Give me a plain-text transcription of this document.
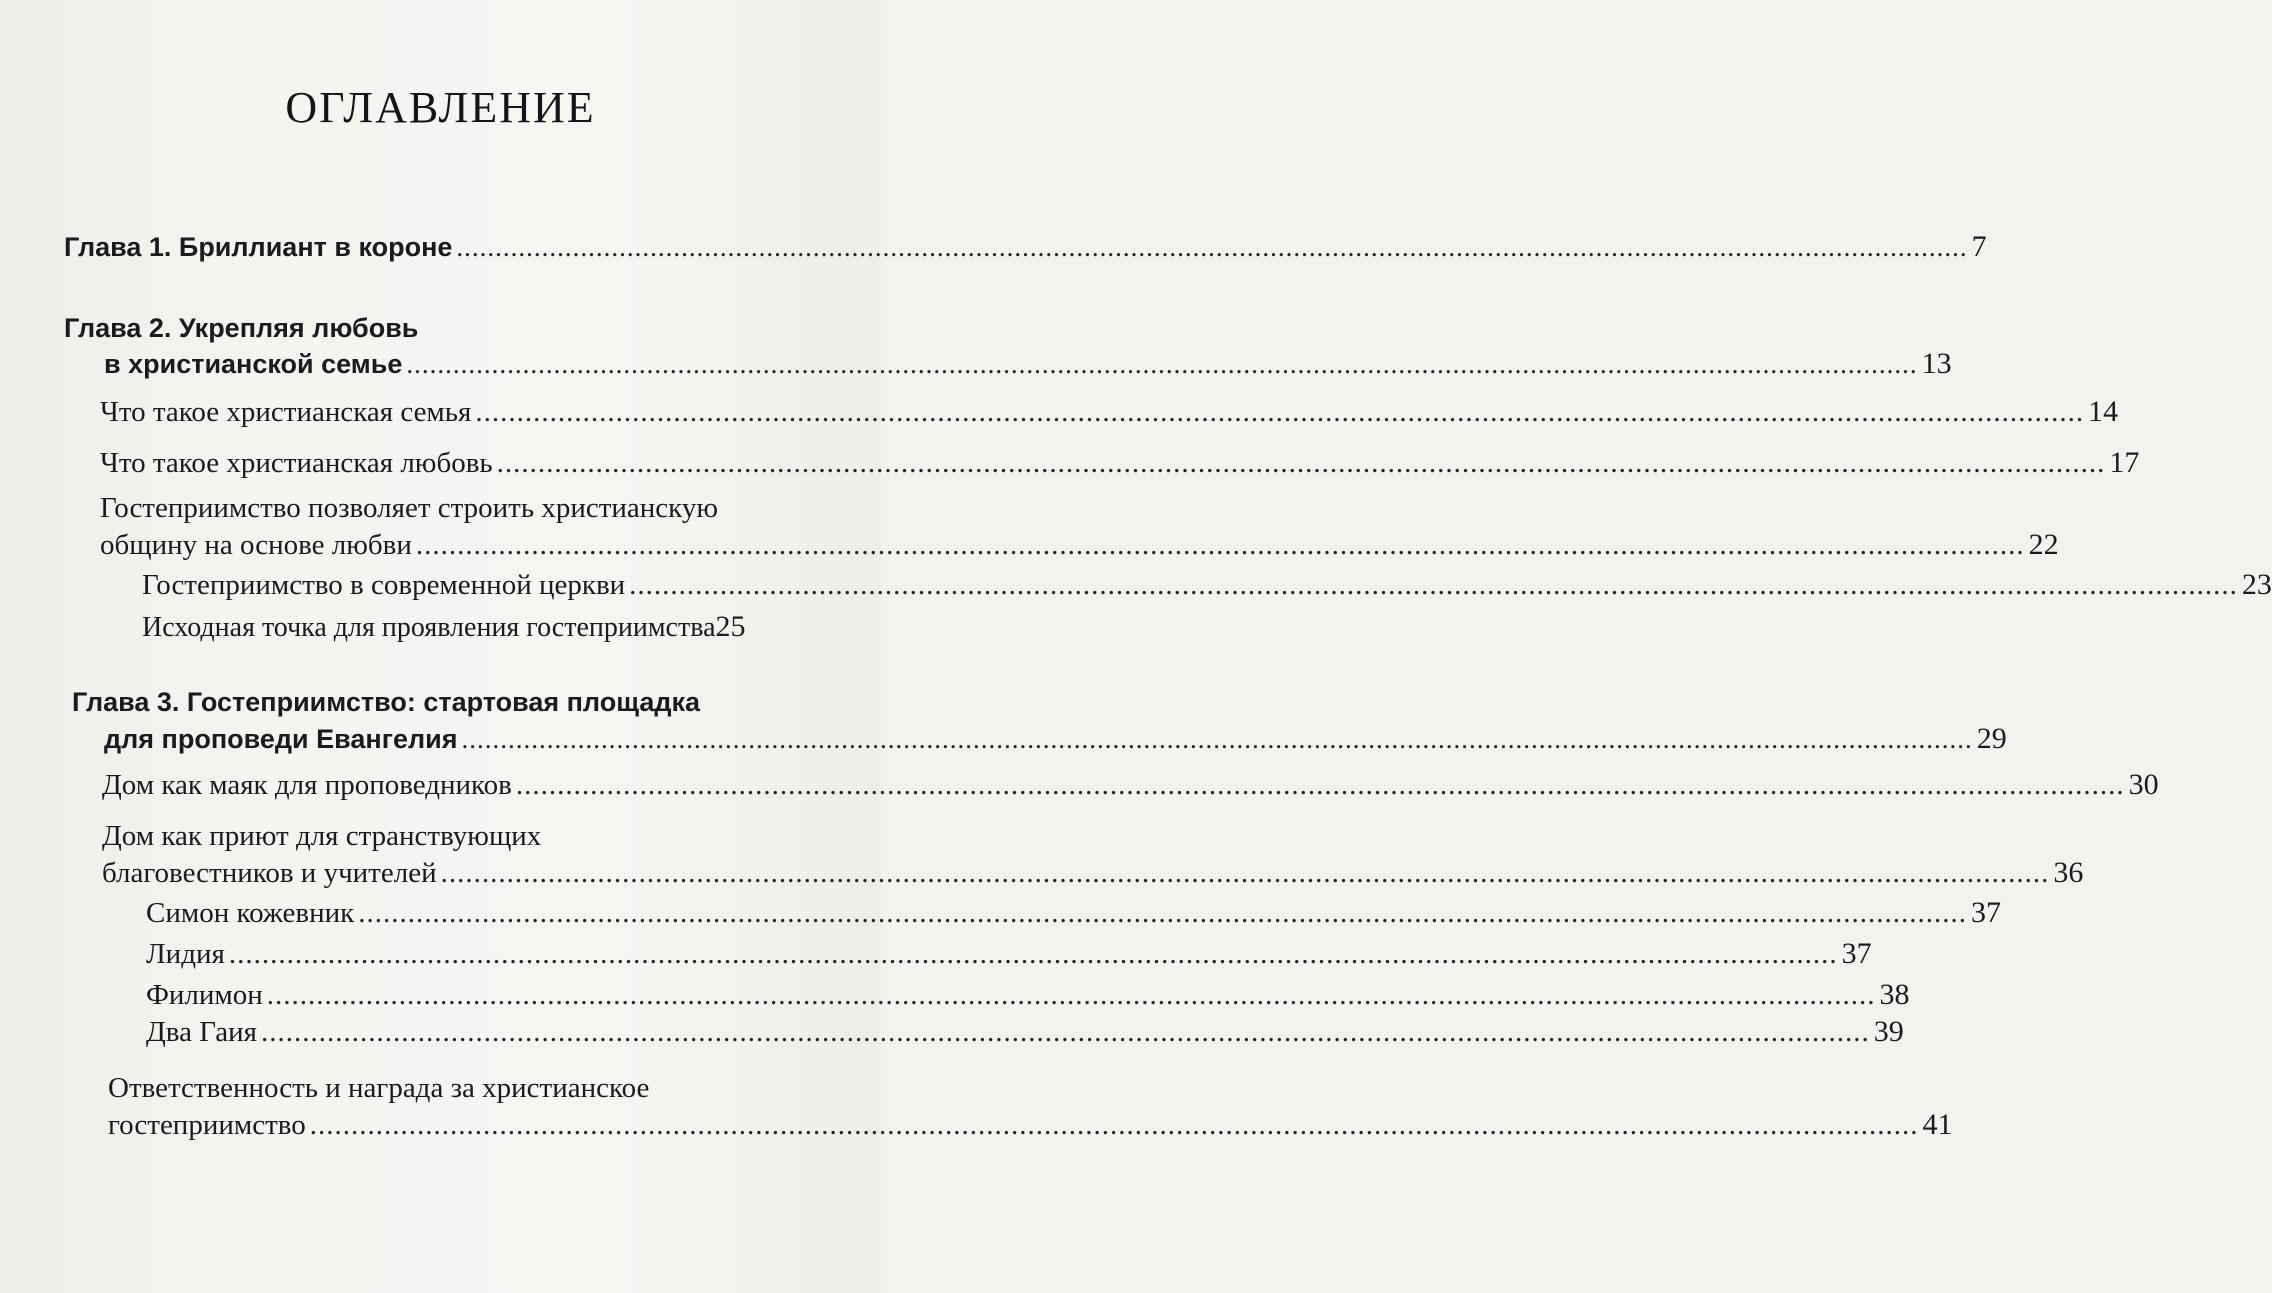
ОГЛАВЛЕНИЕ
Глава 1. Бриллиант в короне ................................................................................................................................................................................................... 7
Глава 2. Укрепляя любовь
в христианской семье ................................................................................................................................................................................................... 13
Что такое христианская семья ................................................................................................................................................................................................... 14
Что такое христианская любовь ................................................................................................................................................................................................... 17
Гостеприимство позволяет строить христианскую
общину на основе любви ................................................................................................................................................................................................... 22
Гостеприимство в современной церкви ................................................................................................................................................................................................... 23
Исходная точка для проявления гостеприимства 25
Глава 3. Гостеприимство: стартовая площадка
для проповеди Евангелия ................................................................................................................................................................................................... 29
Дом как маяк для проповедников ................................................................................................................................................................................................... 30
Дом как приют для странствующих
благовестников и учителей ................................................................................................................................................................................................... 36
Симон кожевник ................................................................................................................................................................................................... 37
Лидия ................................................................................................................................................................................................... 37
Филимон ................................................................................................................................................................................................... 38
Два Гаия ................................................................................................................................................................................................... 39
Ответственность и награда за христианское
гостеприимство ................................................................................................................................................................................................... 41
